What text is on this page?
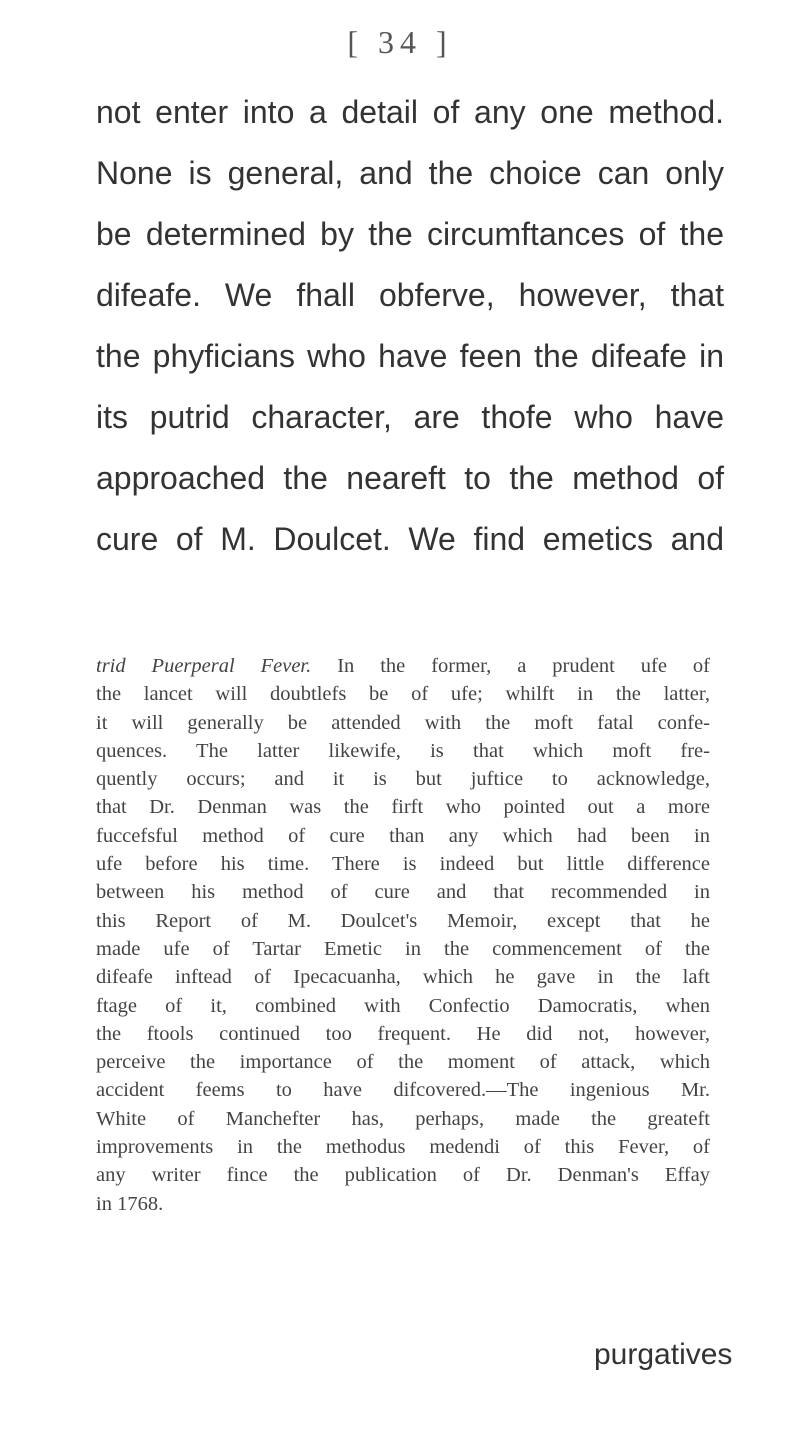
[ 34 ]
not enter into a detail of any one method.
None is general, and the choice can only
be determined by the circumftances of the
difeafe. We fhall obferve, however, that
the phyficians who have feen the difeafe in
its putrid character, are thofe who have
approached the neareft to the method of
cure of M. Doulcet. We find emetics and
trid Puerperal Fever. In the former, a prudent ufe of
the lancet will doubtlefs be of ufe; whilft in the latter,
it will generally be attended with the moft fatal confe-
quences. The latter likewife, is that which moft fre-
quently occurs; and it is but juftice to acknowledge,
that Dr. Denman was the firft who pointed out a more
fuccefsful method of cure than any which had been in
ufe before his time. There is indeed but little difference
between his method of cure and that recommended in
this Report of M. Doulcet's Memoir, except that he
made ufe of Tartar Emetic in the commencement of the
difeafe inftead of Ipecacuanha, which he gave in the laft
ftage of it, combined with Confectio Damocratis, when
the ftools continued too frequent. He did not, however,
perceive the importance of the moment of attack, which
accident feems to have difcovered.—The ingenious Mr.
White of Manchefter has, perhaps, made the greateft
improvements in the methodus medendi of this Fever, of
any writer fince the publication of Dr. Denman's Effay
in 1768.
purgatives
